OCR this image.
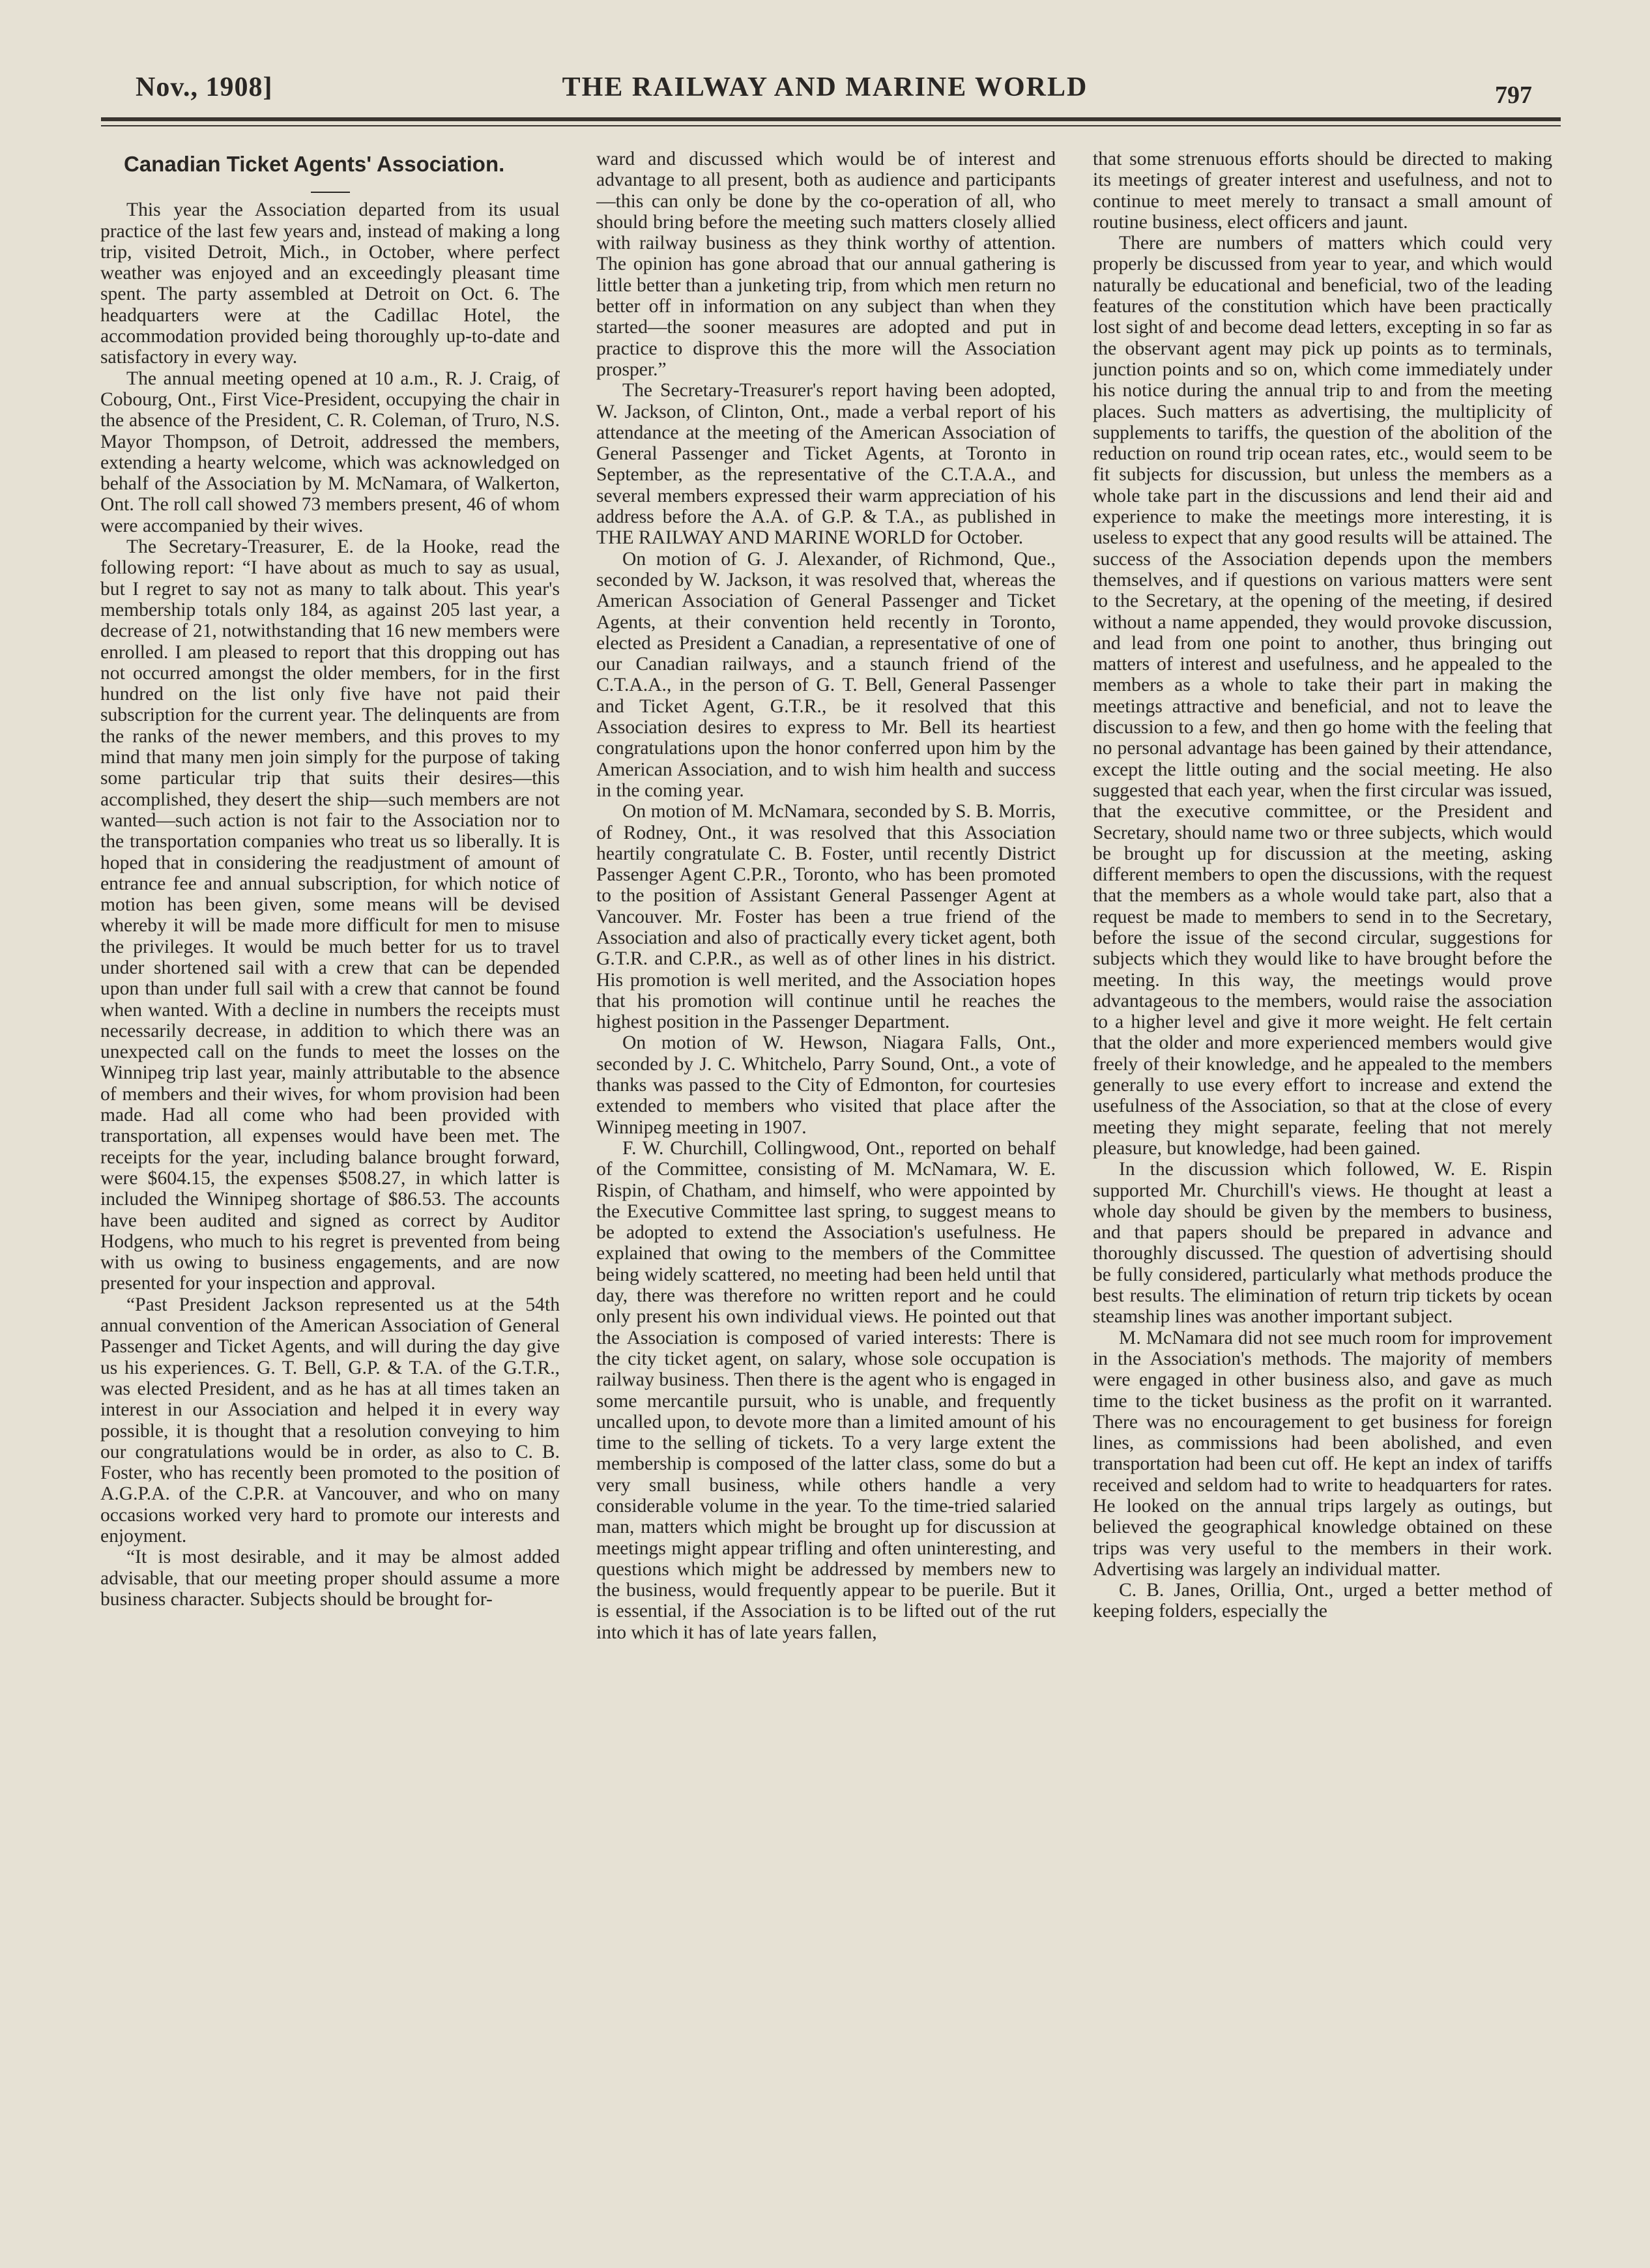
Nov., 1908]	THE RAILWAY AND MARINE WORLD	797
Canadian Ticket Agents' Association.

This year the Association departed from its usual practice of the last few years and, instead of making a long trip, visited Detroit, Mich., in October, where perfect weather was enjoyed and an exceedingly pleasant time spent. The party assembled at Detroit on Oct. 6. The headquarters were at the Cadillac Hotel, the accommodation provided being thoroughly up-to-date and satisfactory in every way.

The annual meeting opened at 10 a.m., R. J. Craig, of Cobourg, Ont., First Vice-President, occupying the chair in the absence of the President, C. R. Coleman, of Truro, N.S. Mayor Thompson, of Detroit, addressed the members, extending a hearty welcome, which was acknowledged on behalf of the Association by M. McNamara, of Walkerton, Ont. The roll call showed 73 members present, 46 of whom were accompanied by their wives.

The Secretary-Treasurer, E. de la Hooke, read the following report: “I have about as much to say as usual, but I regret to say not as many to talk about. This year's membership totals only 184, as against 205 last year, a decrease of 21, notwithstanding that 16 new members were enrolled. I am pleased to report that this dropping out has not occurred amongst the older members, for in the first hundred on the list only five have not paid their subscription for the current year. The delinquents are from the ranks of the newer members, and this proves to my mind that many men join simply for the purpose of taking some particular trip that suits their desires—this accomplished, they desert the ship—such members are not wanted—such action is not fair to the Association nor to the transportation companies who treat us so liberally. It is hoped that in considering the readjustment of amount of entrance fee and annual subscription, for which notice of motion has been given, some means will be devised whereby it will be made more difficult for men to misuse the privileges. It would be much better for us to travel under shortened sail with a crew that can be depended upon than under full sail with a crew that cannot be found when wanted. With a decline in numbers the receipts must necessarily decrease, in addition to which there was an unexpected call on the funds to meet the losses on the Winnipeg trip last year, mainly attributable to the absence of members and their wives, for whom provision had been made. Had all come who had been provided with transportation, all expenses would have been met. The receipts for the year, including balance brought forward, were $604.15, the expenses $508.27, in which latter is included the Winnipeg shortage of $86.53. The accounts have been audited and signed as correct by Auditor Hodgens, who much to his regret is prevented from being with us owing to business engagements, and are now presented for your inspection and approval.

“Past President Jackson represented us at the 54th annual convention of the American Association of General Passenger and Ticket Agents, and will during the day give us his experiences. G. T. Bell, G.P. & T.A. of the G.T.R., was elected President, and as he has at all times taken an interest in our Association and helped it in every way possible, it is thought that a resolution conveying to him our congratulations would be in order, as also to C. B. Foster, who has recently been promoted to the position of A.G.P.A. of the C.P.R. at Vancouver, and who on many occasions worked very hard to promote our interests and enjoyment.

“It is most desirable, and it may be almost added advisable, that our meeting proper should assume a more business character. Subjects should be brought for-

ward and discussed which would be of interest and advantage to all present, both as audience and participants—this can only be done by the co-operation of all, who should bring before the meeting such matters closely allied with railway business as they think worthy of attention. The opinion has gone abroad that our annual gathering is little better than a junketing trip, from which men return no better off in information on any subject than when they started—the sooner measures are adopted and put in practice to disprove this the more will the Association prosper.”

The Secretary-Treasurer's report having been adopted, W. Jackson, of Clinton, Ont., made a verbal report of his attendance at the meeting of the American Association of General Passenger and Ticket Agents, at Toronto in September, as the representative of the C.T.A.A., and several members expressed their warm appreciation of his address before the A.A. of G.P. & T.A., as published in THE RAILWAY AND MARINE WORLD for October.

On motion of G. J. Alexander, of Richmond, Que., seconded by W. Jackson, it was resolved that, whereas the American Association of General Passenger and Ticket Agents, at their convention held recently in Toronto, elected as President a Canadian, a representative of one of our Canadian railways, and a staunch friend of the C.T.A.A., in the person of G. T. Bell, General Passenger and Ticket Agent, G.T.R., be it resolved that this Association desires to express to Mr. Bell its heartiest congratulations upon the honor conferred upon him by the American Association, and to wish him health and success in the coming year.

On motion of M. McNamara, seconded by S. B. Morris, of Rodney, Ont., it was resolved that this Association heartily congratulate C. B. Foster, until recently District Passenger Agent C.P.R., Toronto, who has been promoted to the position of Assistant General Passenger Agent at Vancouver. Mr. Foster has been a true friend of the Association and also of practically every ticket agent, both G.T.R. and C.P.R., as well as of other lines in his district. His promotion is well merited, and the Association hopes that his promotion will continue until he reaches the highest position in the Passenger Department.

On motion of W. Hewson, Niagara Falls, Ont., seconded by J. C. Whitchelo, Parry Sound, Ont., a vote of thanks was passed to the City of Edmonton, for courtesies extended to members who visited that place after the Winnipeg meeting in 1907.

F. W. Churchill, Collingwood, Ont., reported on behalf of the Committee, consisting of M. McNamara, W. E. Rispin, of Chatham, and himself, who were appointed by the Executive Committee last spring, to suggest means to be adopted to extend the Association's usefulness. He explained that owing to the members of the Committee being widely scattered, no meeting had been held until that day, there was therefore no written report and he could only present his own individual views. He pointed out that the Association is composed of varied interests: There is the city ticket agent, on salary, whose sole occupation is railway business. Then there is the agent who is engaged in some mercantile pursuit, who is unable, and frequently uncalled upon, to devote more than a limited amount of his time to the selling of tickets. To a very large extent the membership is composed of the latter class, some do but a very small business, while others handle a very considerable volume in the year. To the time-tried salaried man, matters which might be brought up for discussion at meetings might appear trifling and often uninteresting, and questions which might be addressed by members new to the business, would frequently appear to be puerile. But it is essential, if the Association is to be lifted out of the rut into which it has of late years fallen,

that some strenuous efforts should be directed to making its meetings of greater interest and usefulness, and not to continue to meet merely to transact a small amount of routine business, elect officers and jaunt.

There are numbers of matters which could very properly be discussed from year to year, and which would naturally be educational and beneficial, two of the leading features of the constitution which have been practically lost sight of and become dead letters, excepting in so far as the observant agent may pick up points as to terminals, junction points and so on, which come immediately under his notice during the annual trip to and from the meeting places. Such matters as advertising, the multiplicity of supplements to tariffs, the question of the abolition of the reduction on round trip ocean rates, etc., would seem to be fit subjects for discussion, but unless the members as a whole take part in the discussions and lend their aid and experience to make the meetings more interesting, it is useless to expect that any good results will be attained. The success of the Association depends upon the members themselves, and if questions on various matters were sent to the Secretary, at the opening of the meeting, if desired without a name appended, they would provoke discussion, and lead from one point to another, thus bringing out matters of interest and usefulness, and he appealed to the members as a whole to take their part in making the meetings attractive and beneficial, and not to leave the discussion to a few, and then go home with the feeling that no personal advantage has been gained by their attendance, except the little outing and the social meeting. He also suggested that each year, when the first circular was issued, that the executive committee, or the President and Secretary, should name two or three subjects, which would be brought up for discussion at the meeting, asking different members to open the discussions, with the request that the members as a whole would take part, also that a request be made to members to send in to the Secretary, before the issue of the second circular, suggestions for subjects which they would like to have brought before the meeting. In this way, the meetings would prove advantageous to the members, would raise the association to a higher level and give it more weight. He felt certain that the older and more experienced members would give freely of their knowledge, and he appealed to the members generally to use every effort to increase and extend the usefulness of the Association, so that at the close of every meeting they might separate, feeling that not merely pleasure, but knowledge, had been gained.

In the discussion which followed, W. E. Rispin supported Mr. Churchill's views. He thought at least a whole day should be given by the members to business, and that papers should be prepared in advance and thoroughly discussed. The question of advertising should be fully considered, particularly what methods produce the best results. The elimination of return trip tickets by ocean steamship lines was another important subject.

M. McNamara did not see much room for improvement in the Association's methods. The majority of members were engaged in other business also, and gave as much time to the ticket business as the profit on it warranted. There was no encouragement to get business for foreign lines, as commissions had been abolished, and even transportation had been cut off. He kept an index of tariffs received and seldom had to write to headquarters for rates. He looked on the annual trips largely as outings, but believed the geographical knowledge obtained on these trips was very useful to the members in their work. Advertising was largely an individual matter.

C. B. Janes, Orillia, Ont., urged a better method of keeping folders, especially the
